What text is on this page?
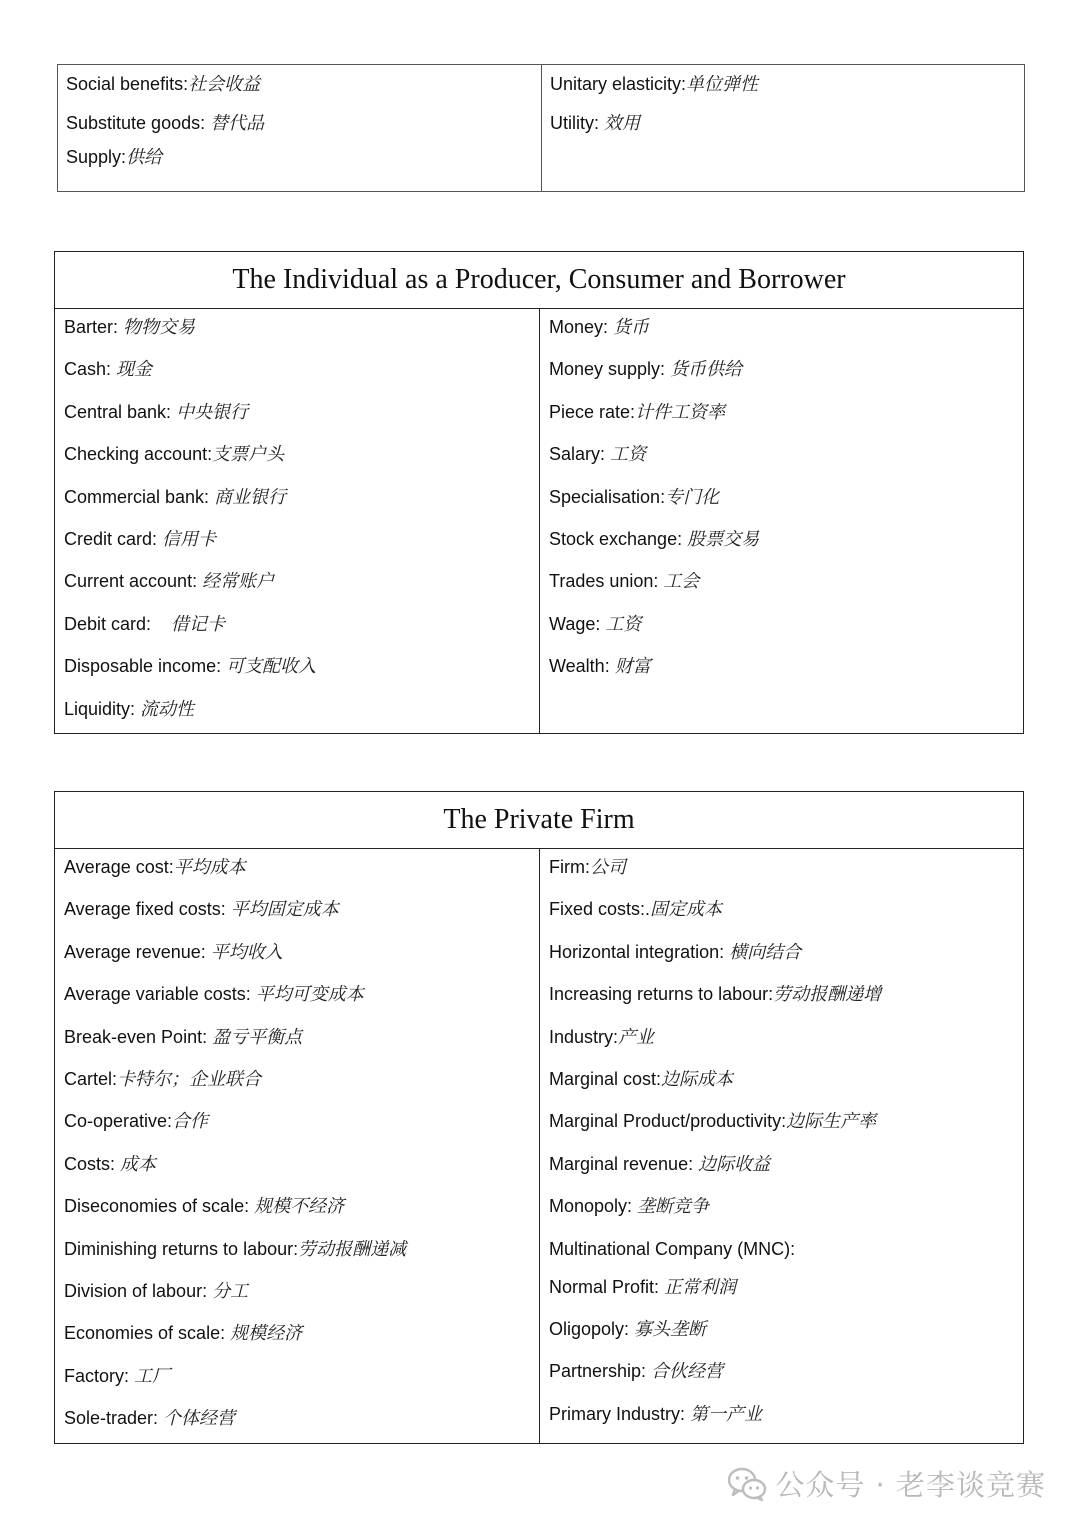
Social benefits:社会收益
Substitute goods: 替代品
Supply:供给
Unitary elasticity:单位弹性
Utility: 效用
The Individual as a Producer, Consumer and Borrower
Barter: 物物交易
Cash: 现金
Central bank: 中央银行
Checking account:支票户头
Commercial bank: 商业银行
Credit card: 信用卡
Current account: 经常账户
Debit card:    借记卡
Disposable income: 可支配收入
Liquidity: 流动性
Money: 货币
Money supply: 货币供给
Piece rate:计件工资率
Salary: 工资
Specialisation:专门化
Stock exchange: 股票交易
Trades union: 工会
Wage: 工资
Wealth: 财富
The Private Firm
Average cost:平均成本
Average fixed costs: 平均固定成本
Average revenue: 平均收入
Average variable costs: 平均可变成本
Break-even Point: 盈亏平衡点
Cartel:卡特尔；企业联合
Co-operative:合作
Costs: 成本
Diseconomies of scale: 规模不经济
Diminishing returns to labour:劳动报酬递减
Division of labour: 分工
Economies of scale: 规模经济
Factory: 工厂
Sole-trader: 个体经营
Firm:公司
Fixed costs:.固定成本
Horizontal integration: 横向结合
Increasing returns to labour:劳动报酬递增
Industry:产业
Marginal cost:边际成本
Marginal Product/productivity:边际生产率
Marginal revenue: 边际收益
Monopoly: 垄断竞争
Multinational Company (MNC):
Normal Profit: 正常利润
Oligopoly: 寡头垄断
Partnership: 合伙经营
Primary Industry: 第一产业
公众号 · 老李谈竞赛
